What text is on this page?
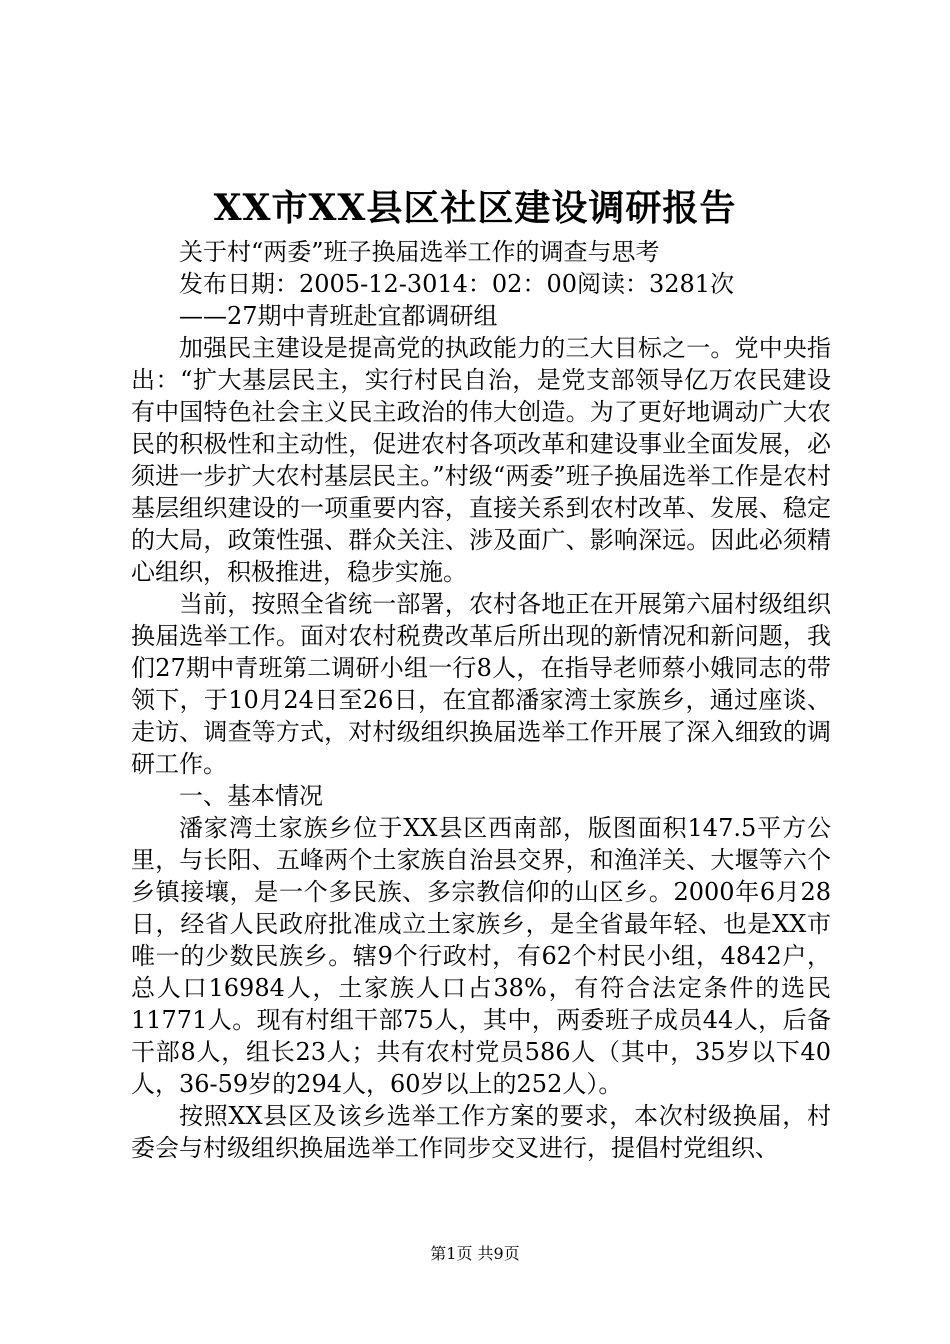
XX市XX县区社区建设调研报告

关于村“两委”班子换届选举工作的调查与思考

发布日期：2005-12-3014：02：00阅读：3281次

——27期中青班赴宜都调研组

加强民主建设是提高党的执政能力的三大目标之一。党中央指出：“扩大基层民主，实行村民自治，是党支部领导亿万农民建设有中国特色社会主义民主政治的伟大创造。为了更好地调动广大农民的积极性和主动性，促进农村各项改革和建设事业全面发展，必须进一步扩大农村基层民主。”村级“两委”班子换届选举工作是农村基层组织建设的一项重要内容，直接关系到农村改革、发展、稳定的大局，政策性强、群众关注、涉及面广、影响深远。因此必须精心组织，积极推进，稳步实施。

当前，按照全省统一部署，农村各地正在开展第六届村级组织换届选举工作。面对农村税费改革后所出现的新情况和新问题，我们27期中青班第二调研小组一行8人，在指导老师蔡小娥同志的带领下，于10月24日至26日，在宜都潘家湾土家族乡，通过座谈、走访、调查等方式，对村级组织换届选举工作开展了深入细致的调研工作。

一、基本情况

潘家湾土家族乡位于XX县区西南部，版图面积147.5平方公里，与长阳、五峰两个土家族自治县交界，和渔洋关、大堰等六个乡镇接壤，是一个多民族、多宗教信仰的山区乡。2000年6月28日，经省人民政府批准成立土家族乡，是全省最年轻、也是XX市唯一的少数民族乡。辖9个行政村，有62个村民小组，4842户，总人口16984人，土家族人口占38%，有符合法定条件的选民11771人。现有村组干部75人，其中，两委班子成员44人，后备干部8人，组长23人；共有农村党员586人（其中，35岁以下40人，36-59岁的294人，60岁以上的252人）。

按照XX县区及该乡选举工作方案的要求，本次村级换届，村委会与村级组织换届选举工作同步交叉进行，提倡村党组织、

第1页 共9页
